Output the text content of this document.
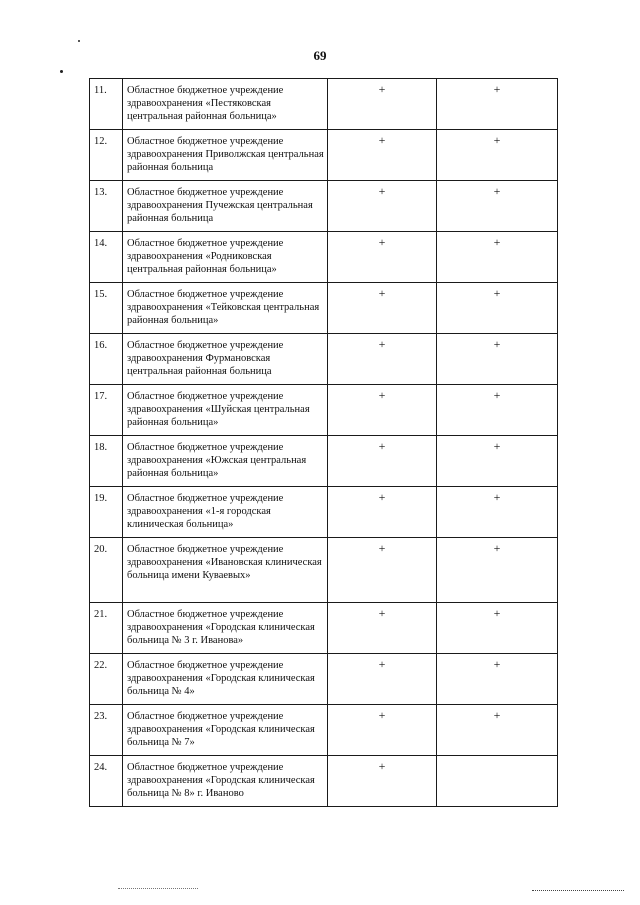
69
11.	Областное бюджетное учреждение здравоохранения «Пестяковская центральная районная больница»	+	+
12.	Областное бюджетное учреждение здравоохранения Приволжская центральная районная больница	+	+
13.	Областное бюджетное учреждение здравоохранения Пучежская центральная районная больница	+	+
14.	Областное бюджетное учреждение здравоохранения «Родниковская центральная районная больница»	+	+
15.	Областное бюджетное учреждение здравоохранения «Тейковская центральная районная больница»	+	+
16.	Областное бюджетное учреждение здравоохранения Фурмановская центральная районная больница	+	+
17.	Областное бюджетное учреждение здравоохранения «Шуйская центральная районная больница»	+	+
18.	Областное бюджетное учреждение здравоохранения «Южская центральная районная больница»	+	+
19.	Областное бюджетное учреждение здравоохранения «1-я городская клиническая больница»	+	+
20.	Областное бюджетное учреждение здравоохранения «Ивановская клиническая больница имени Куваевых»	+	+
21.	Областное бюджетное учреждение здравоохранения «Городская клиническая больница № 3 г. Иванова»	+	+
22.	Областное бюджетное учреждение здравоохранения «Городская клиническая больница № 4»	+	+
23.	Областное бюджетное учреждение здравоохранения «Городская клиническая больница № 7»	+	+
24.	Областное бюджетное учреждение здравоохранения «Городская клиническая больница № 8» г. Иваново	+	
